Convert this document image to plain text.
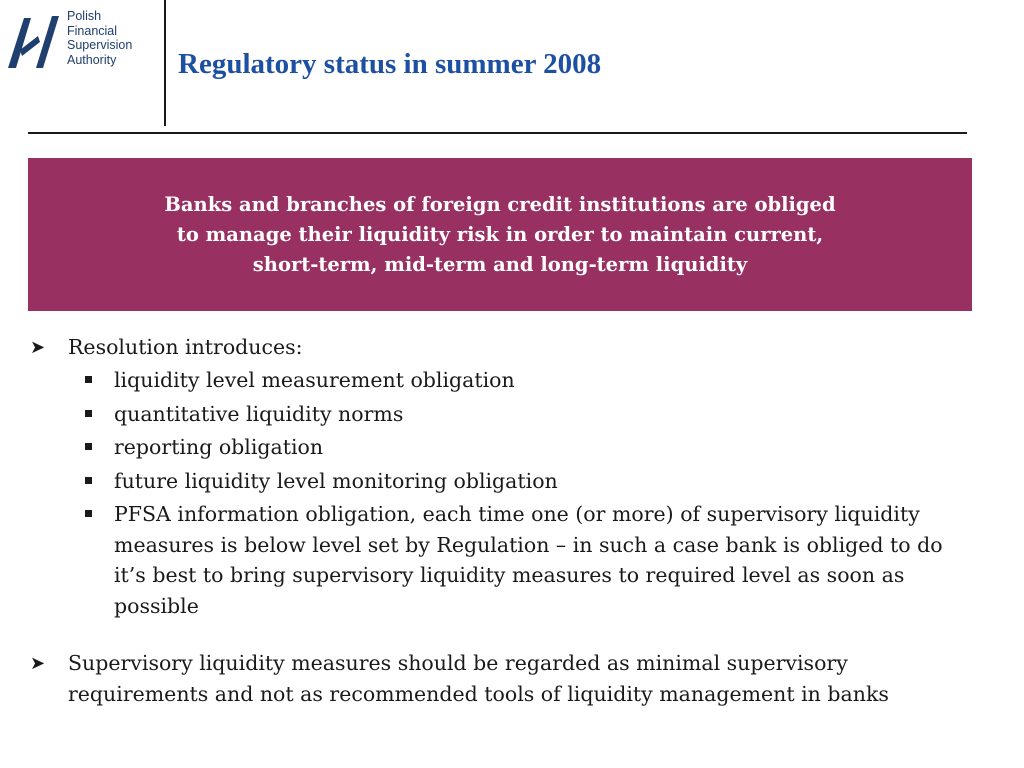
Polish
Financial
Supervision
Authority	Regulatory status in summer 2008
Banks and branches of foreign credit institutions are obliged
to manage their liquidity risk in order to maintain current,
short-term, mid-term and long-term liquidity
➤ Resolution introduces:
liquidity level measurement obligation
quantitative liquidity norms
reporting obligation
future liquidity level monitoring obligation
PFSA information obligation, each time one (or more) of supervisory liquidity measures is below level set by Regulation – in such a case bank is obliged to do it’s best to bring supervisory liquidity measures to required level as soon as possible
➤ Supervisory liquidity measures should be regarded as minimal supervisory requirements and not as recommended tools of liquidity management in banks
